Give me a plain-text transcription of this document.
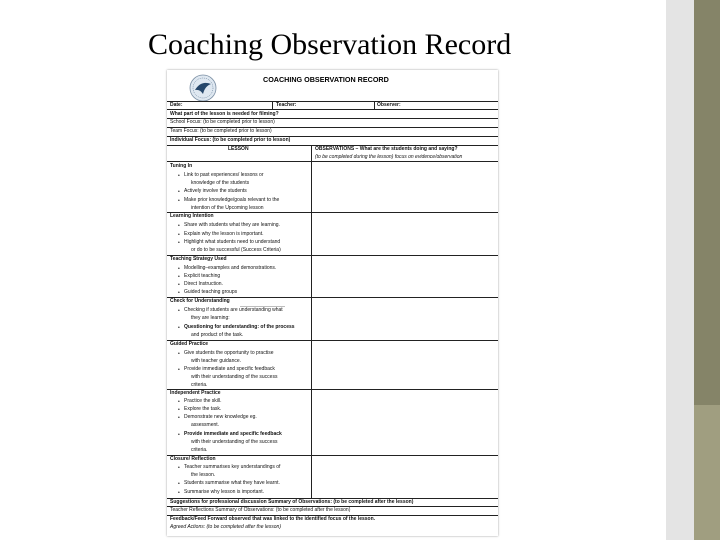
Coaching Observation Record
COACHING OBSERVATION RECORD
Date:	Teacher:	Observer:
What part of the lesson is needed for filming?
School Focus: (to be completed prior to lesson)
Team Focus: (to be completed prior to lesson)
Individual Focus: (to be completed prior to lesson)
LESSON	OBSERVATIONS – What are the students doing and saying?
(to be completed during the lesson) focus on evidence/observation
Tuning In
• Link to past experiences/ lessons or
knowledge of the students
• Actively involve the students
• Make prior knowledge/goals relevant to the
intention of the Upcoming lesson
Learning Intention
• Share with students what they are learning.
• Explain why the lesson is important.
• Highlight what students need to understand
or do to be successful (Success Criteria)
Teaching Strategy Used
• Modelling–examples and demonstrations.
• Explicit teaching
• Direct Instruction.
• Guided teaching groups
Check for Understanding
• Checking if students are understanding what
they are learning:
• Questioning for understanding: of the process
and product of the task.
Guided Practice
• Give students the opportunity to practise
with teacher guidance.
• Provide immediate and specific feedback
with their understanding of the success
criteria.
Independent Practice
• Practice the skill.
• Explore the task.
• Demonstrate new knowledge eg.
assessment.
• Provide immediate and specific feedback
with their understanding of the success
criteria.
Closure/ Reflection
• Teacher summarises key understandings of
the lesson.
• Students summarise what they have learnt.
• Summarise why lesson is important.
Suggestions for professional discussion Summary of Observations: (to be completed after the lesson)
Teacher Reflections Summary of Observations: (to be completed after the lesson)
Feedback/Feed Forward observed that was linked to the identified focus of the lesson.
Agreed Actions: (to be completed after the lesson)
